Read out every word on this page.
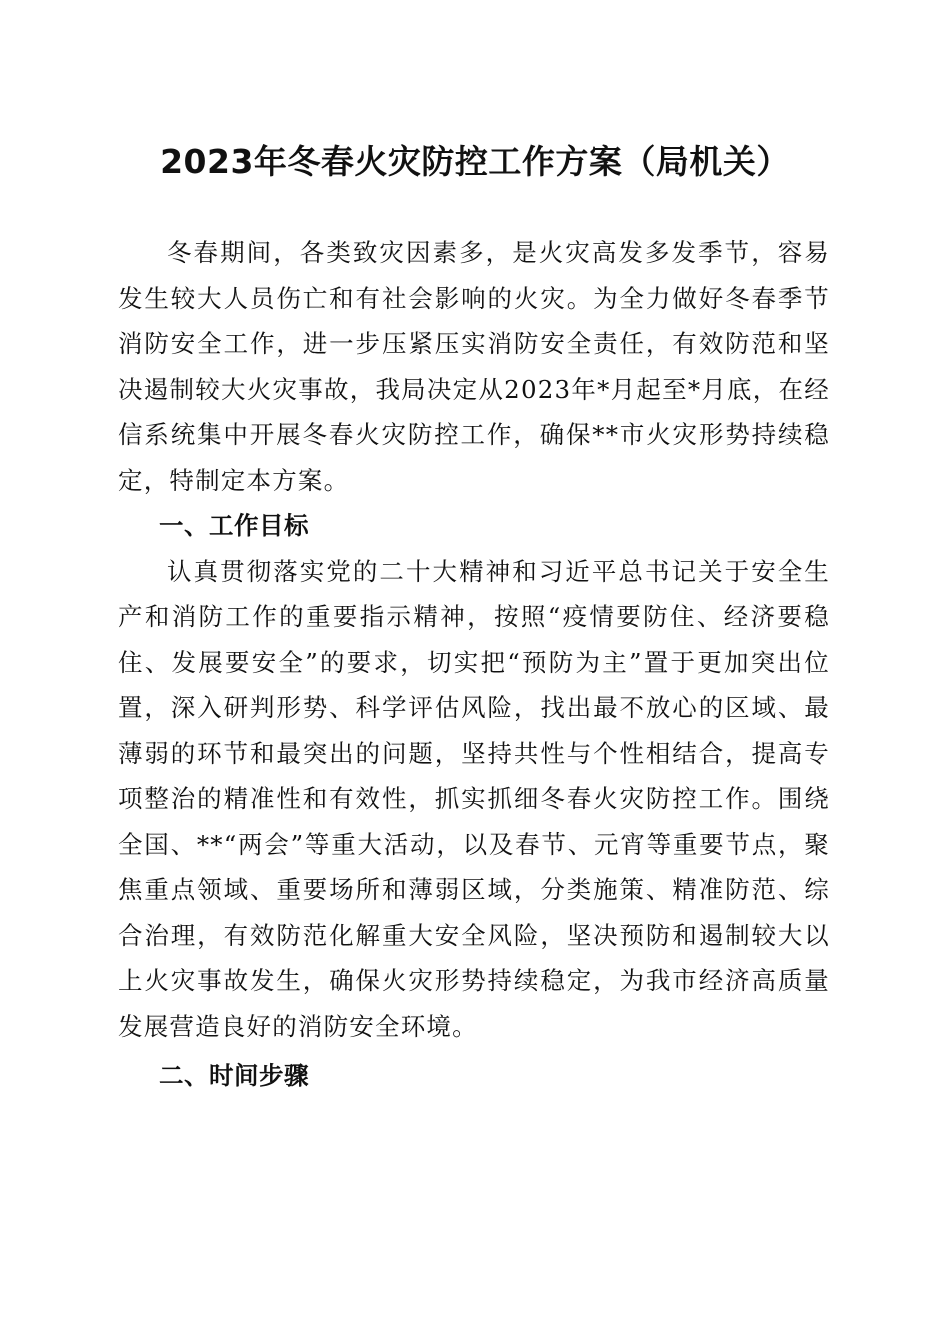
2023年冬春火灾防控工作方案（局机关）

冬春期间，各类致灾因素多，是火灾高发多发季节，容易发生较大人员伤亡和有社会影响的火灾。为全力做好冬春季节消防安全工作，进一步压紧压实消防安全责任，有效防范和坚决遏制较大火灾事故，我局决定从2023年*月起至*月底，在经信系统集中开展冬春火灾防控工作，确保**市火灾形势持续稳定，特制定本方案。

一、工作目标

认真贯彻落实党的二十大精神和习近平总书记关于安全生产和消防工作的重要指示精神，按照“疫情要防住、经济要稳住、发展要安全”的要求，切实把“预防为主”置于更加突出位置，深入研判形势、科学评估风险，找出最不放心的区域、最薄弱的环节和最突出的问题，坚持共性与个性相结合，提高专项整治的精准性和有效性，抓实抓细冬春火灾防控工作。围绕全国、**“两会”等重大活动，以及春节、元宵等重要节点，聚焦重点领域、重要场所和薄弱区域，分类施策、精准防范、综合治理，有效防范化解重大安全风险，坚决预防和遏制较大以上火灾事故发生，确保火灾形势持续稳定，为我市经济高质量发展营造良好的消防安全环境。

二、时间步骤
